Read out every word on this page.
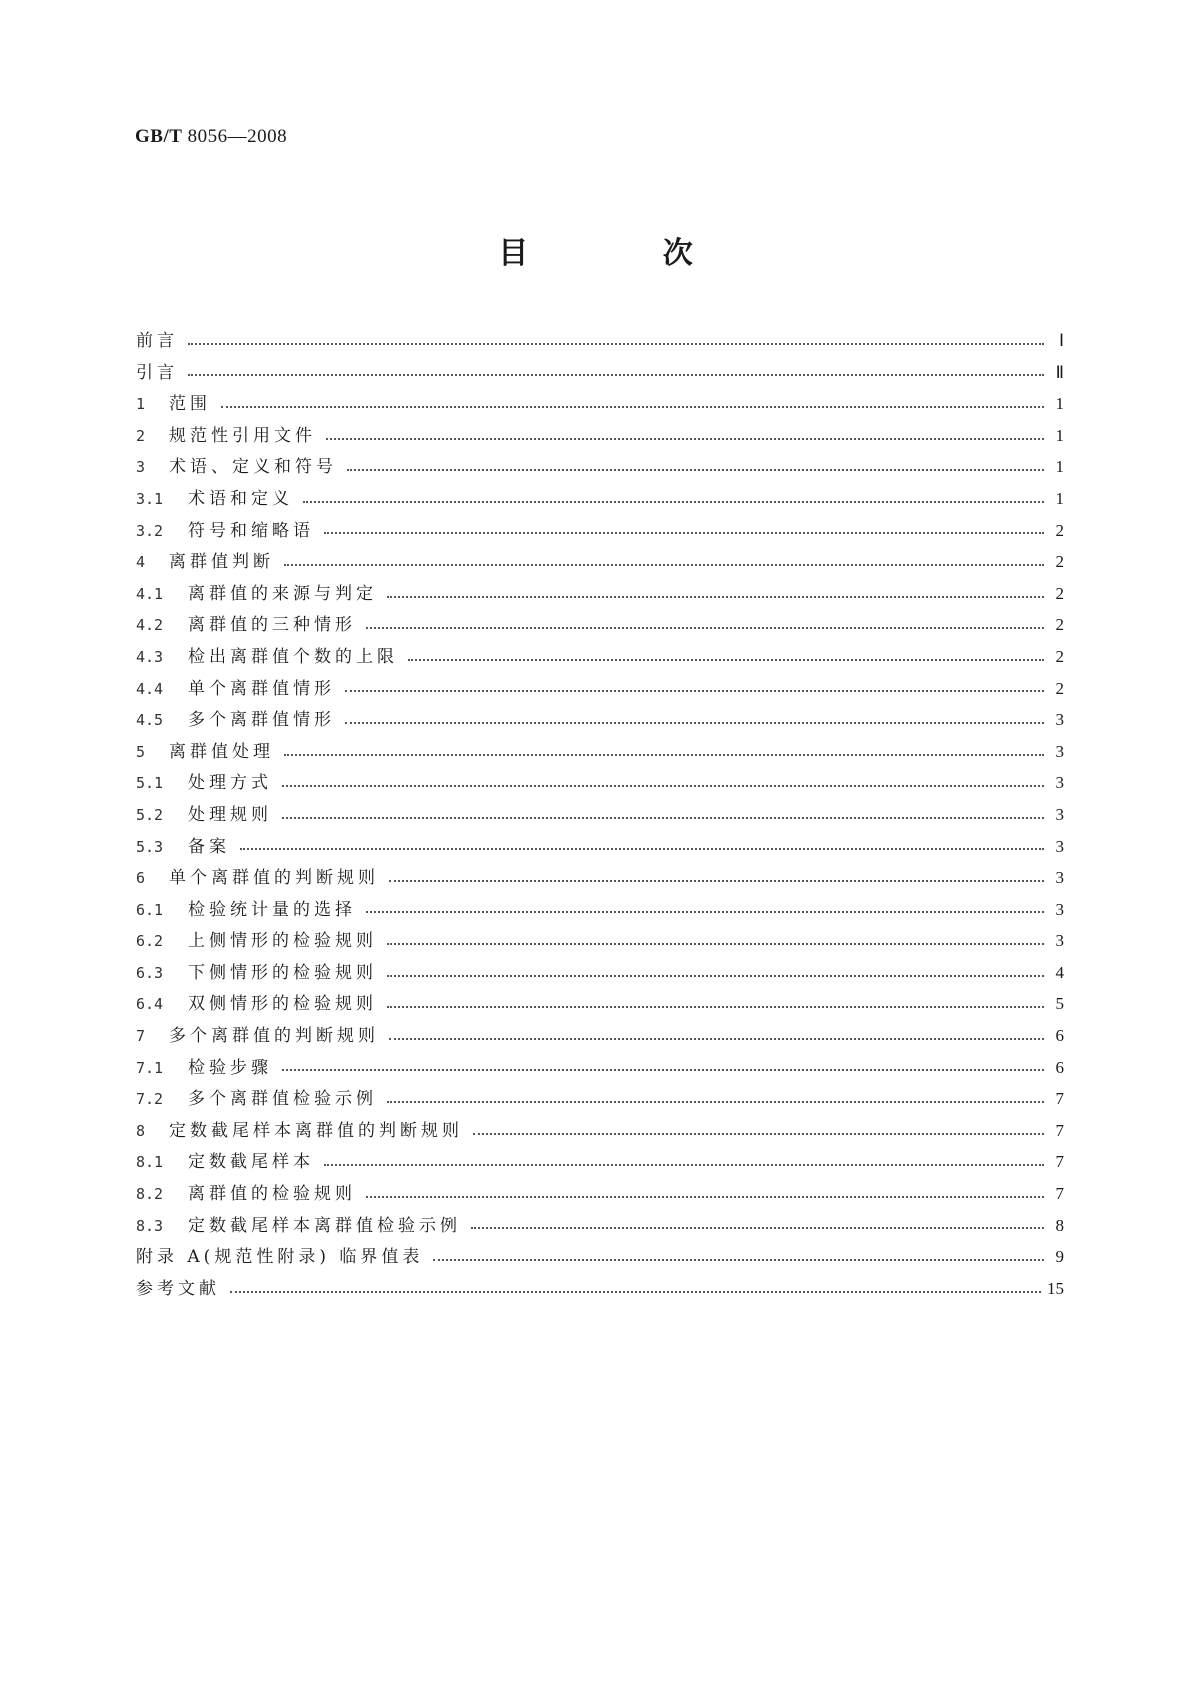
GB/T 8056—2008
目 次
前言	Ⅰ
引言	Ⅱ
1	范围	1
2	规范性引用文件	1
3	术语、定义和符号	1
3.1	术语和定义	1
3.2	符号和缩略语	2
4	离群值判断	2
4.1	离群值的来源与判定	2
4.2	离群值的三种情形	2
4.3	检出离群值个数的上限	2
4.4	单个离群值情形	2
4.5	多个离群值情形	3
5	离群值处理	3
5.1	处理方式	3
5.2	处理规则	3
5.3	备案	3
6	单个离群值的判断规则	3
6.1	检验统计量的选择	3
6.2	上侧情形的检验规则	3
6.3	下侧情形的检验规则	4
6.4	双侧情形的检验规则	5
7	多个离群值的判断规则	6
7.1	检验步骤	6
7.2	多个离群值检验示例	7
8	定数截尾样本离群值的判断规则	7
8.1	定数截尾样本	7
8.2	离群值的检验规则	7
8.3	定数截尾样本离群值检验示例	8
附录 A(规范性附录) 临界值表	9
参考文献	15
